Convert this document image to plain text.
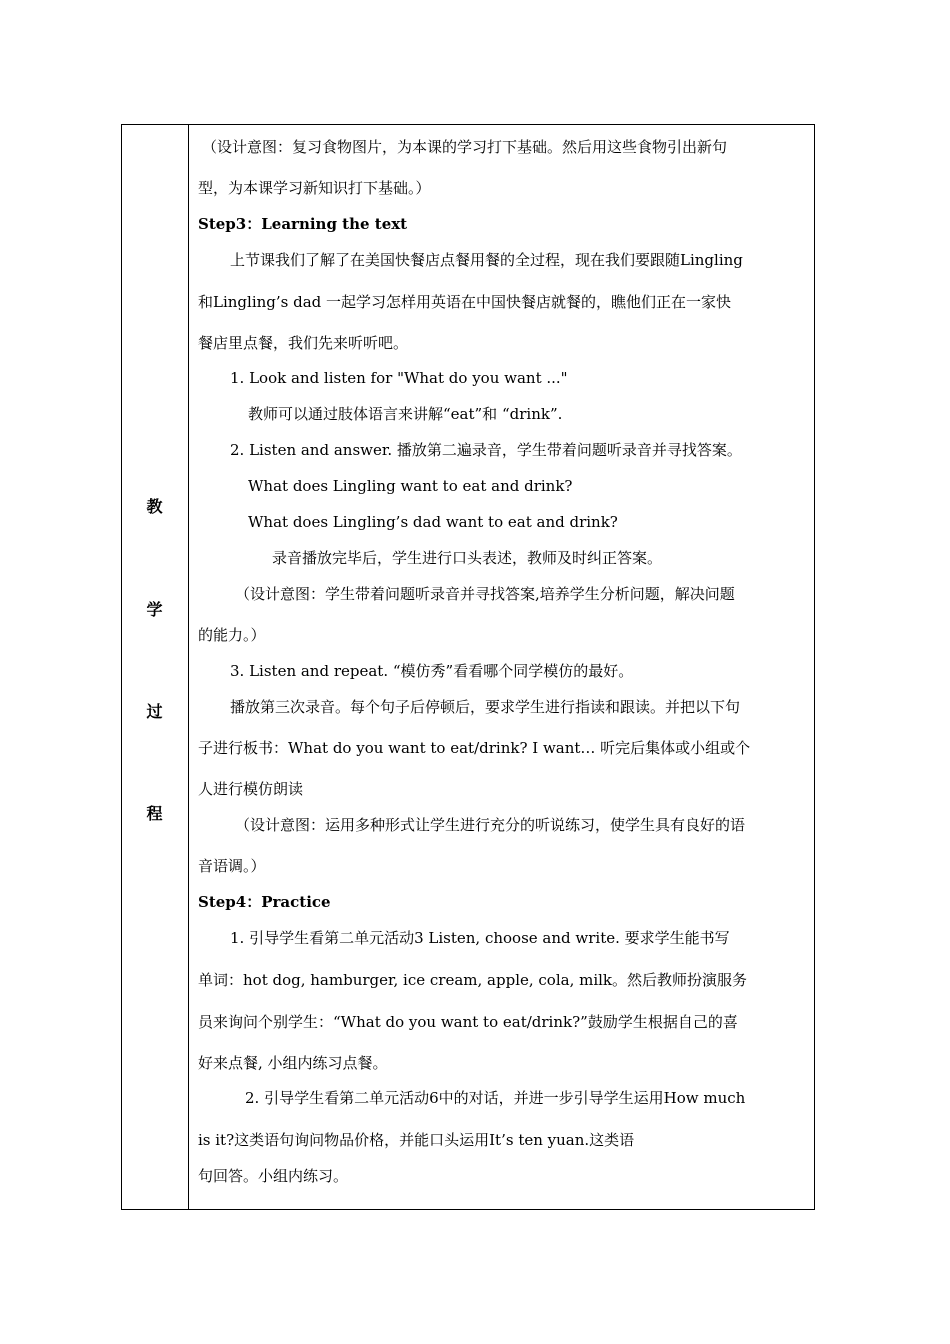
教
学
过
程
（设计意图：复习食物图片，为本课的学习打下基础。然后用这些食物引出新句
型，为本课学习新知识打下基础。）
Step3：Learning the text
上节课我们了解了在美国快餐店点餐用餐的全过程，现在我们要跟随Lingling
和Lingling’s dad 一起学习怎样用英语在中国快餐店就餐的，瞧他们正在一家快
餐店里点餐，我们先来听听吧。
1. Look and listen for "What do you want ..."
教师可以通过肢体语言来讲解“eat”和 “drink”.
2. Listen and answer. 播放第二遍录音，学生带着问题听录音并寻找答案。
What does Lingling want to eat and drink?
What does Lingling’s dad want to eat and drink?
录音播放完毕后，学生进行口头表述，教师及时纠正答案。
（设计意图：学生带着问题听录音并寻找答案,培养学生分析问题，解决问题
的能力。）
3. Listen and repeat. “模仿秀”看看哪个同学模仿的最好。
播放第三次录音。每个句子后停顿后，要求学生进行指读和跟读。并把以下句
子进行板书：What do you want to eat/drink? I want… 听完后集体或小组或个
人进行模仿朗读
（设计意图：运用多种形式让学生进行充分的听说练习，使学生具有良好的语
音语调。）
Step4：Practice
1. 引导学生看第二单元活动3 Listen, choose and write. 要求学生能书写
单词：hot dog, hamburger, ice cream, apple, cola, milk。然后教师扮演服务
员来询问个别学生：“What do you want to eat/drink?”鼓励学生根据自己的喜
好来点餐, 小组内练习点餐。
2. 引导学生看第二单元活动6中的对话，并进一步引导学生运用How much
is it?这类语句询问物品价格，并能口头运用It’s ten yuan.这类语
句回答。小组内练习。
